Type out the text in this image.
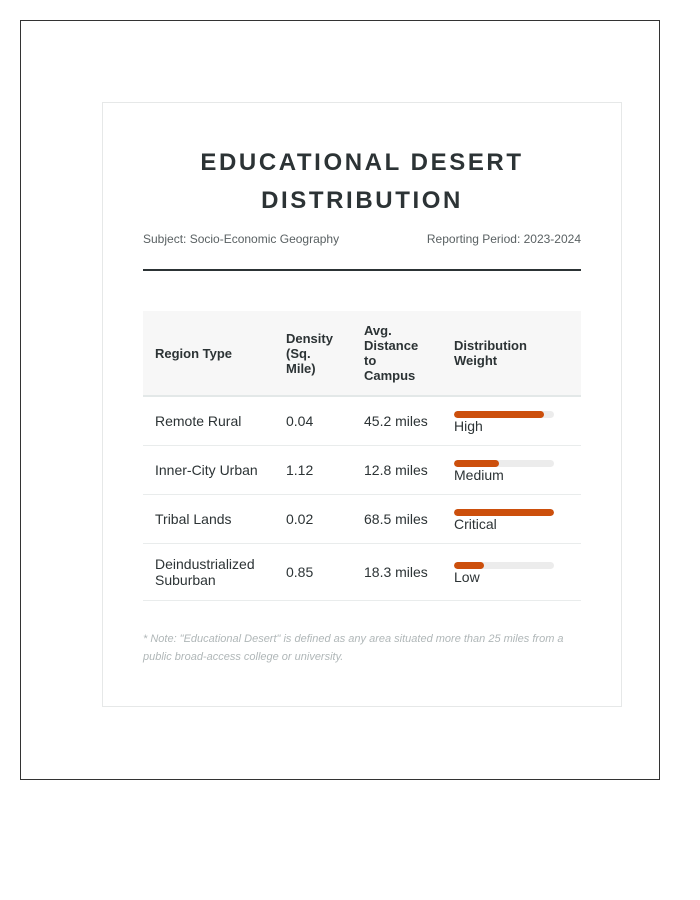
EDUCATIONAL DESERT DISTRIBUTION
Subject: Socio-Economic Geography	Reporting Period: 2023-2024
Region Type	Density (Sq. Mile)	Avg. Distance to Campus	Distribution Weight
Remote Rural	0.04	45.2 miles	High

Inner-City Urban	1.12	12.8 miles	Medium

Tribal Lands	0.02	68.5 miles	Critical

Deindustrialized Suburban	0.85	18.3 miles	Low
* Note: "Educational Desert" is defined as any area situated more than 25 miles from a public broad-access college or university.
